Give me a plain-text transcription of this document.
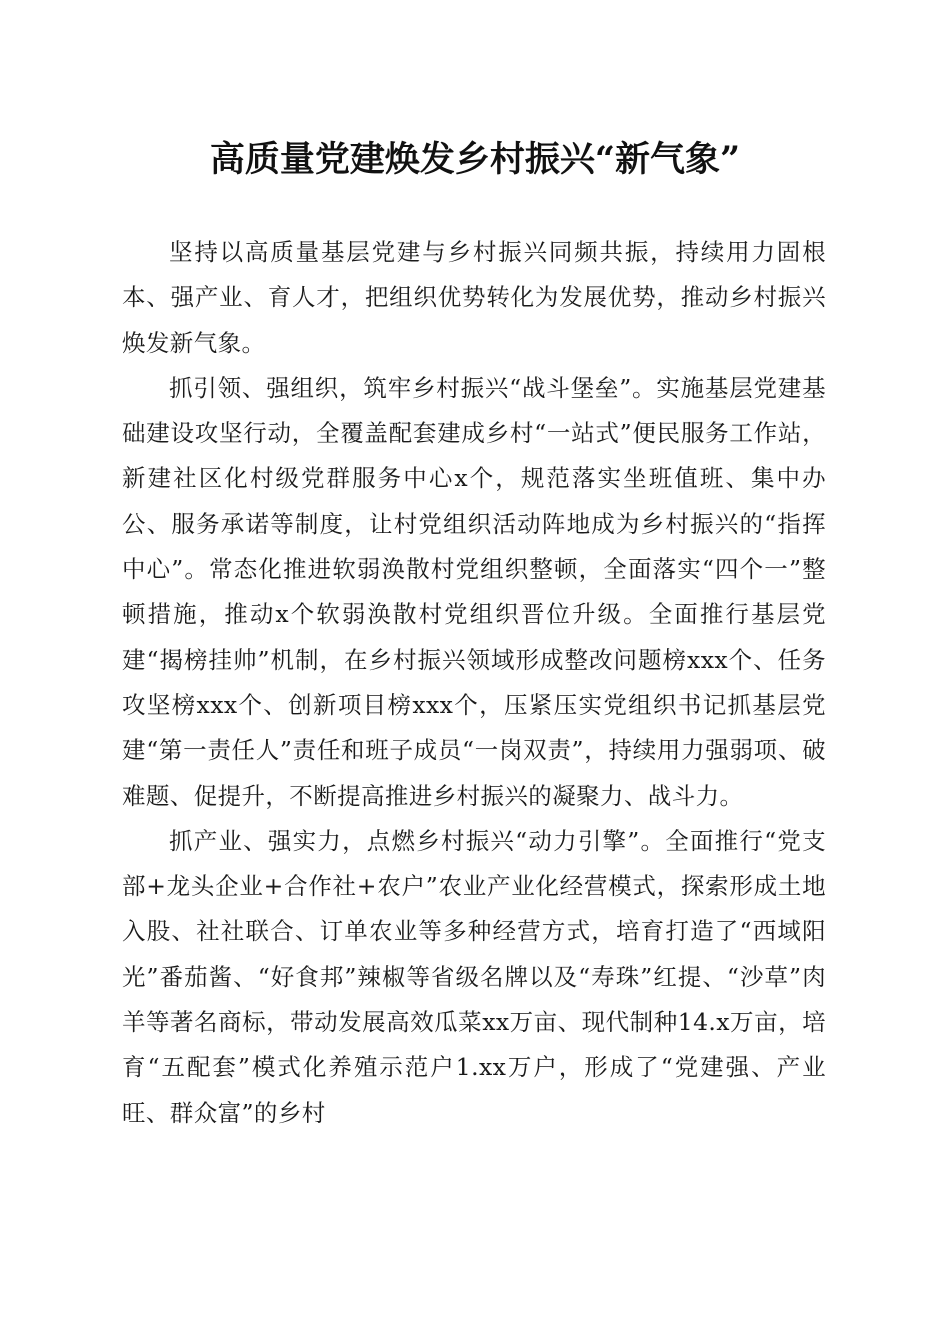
高质量党建焕发乡村振兴“新气象”

坚持以高质量基层党建与乡村振兴同频共振，持续用力固根本、强产业、育人才，把组织优势转化为发展优势，推动乡村振兴焕发新气象。

抓引领、强组织，筑牢乡村振兴“战斗堡垒”。实施基层党建基础建设攻坚行动，全覆盖配套建成乡村“一站式”便民服务工作站，新建社区化村级党群服务中心x个，规范落实坐班值班、集中办公、服务承诺等制度，让村党组织活动阵地成为乡村振兴的“指挥中心”。常态化推进软弱涣散村党组织整顿，全面落实“四个一”整顿措施，推动x个软弱涣散村党组织晋位升级。全面推行基层党建“揭榜挂帅”机制，在乡村振兴领域形成整改问题榜xxx个、任务攻坚榜xxx个、创新项目榜xxx个，压紧压实党组织书记抓基层党建“第一责任人”责任和班子成员“一岗双责”，持续用力强弱项、破难题、促提升，不断提高推进乡村振兴的凝聚力、战斗力。

抓产业、强实力，点燃乡村振兴“动力引擎”。全面推行“党支部+龙头企业+合作社+农户”农业产业化经营模式，探索形成土地入股、社社联合、订单农业等多种经营方式，培育打造了“西域阳光”番茄酱、“好食邦”辣椒等省级名牌以及“寿珠”红提、“沙草”肉羊等著名商标，带动发展高效瓜菜xx万亩、现代制种14.x万亩，培育“五配套”模式化养殖示范户1.xx万户，形成了“党建强、产业旺、群众富”的乡村
